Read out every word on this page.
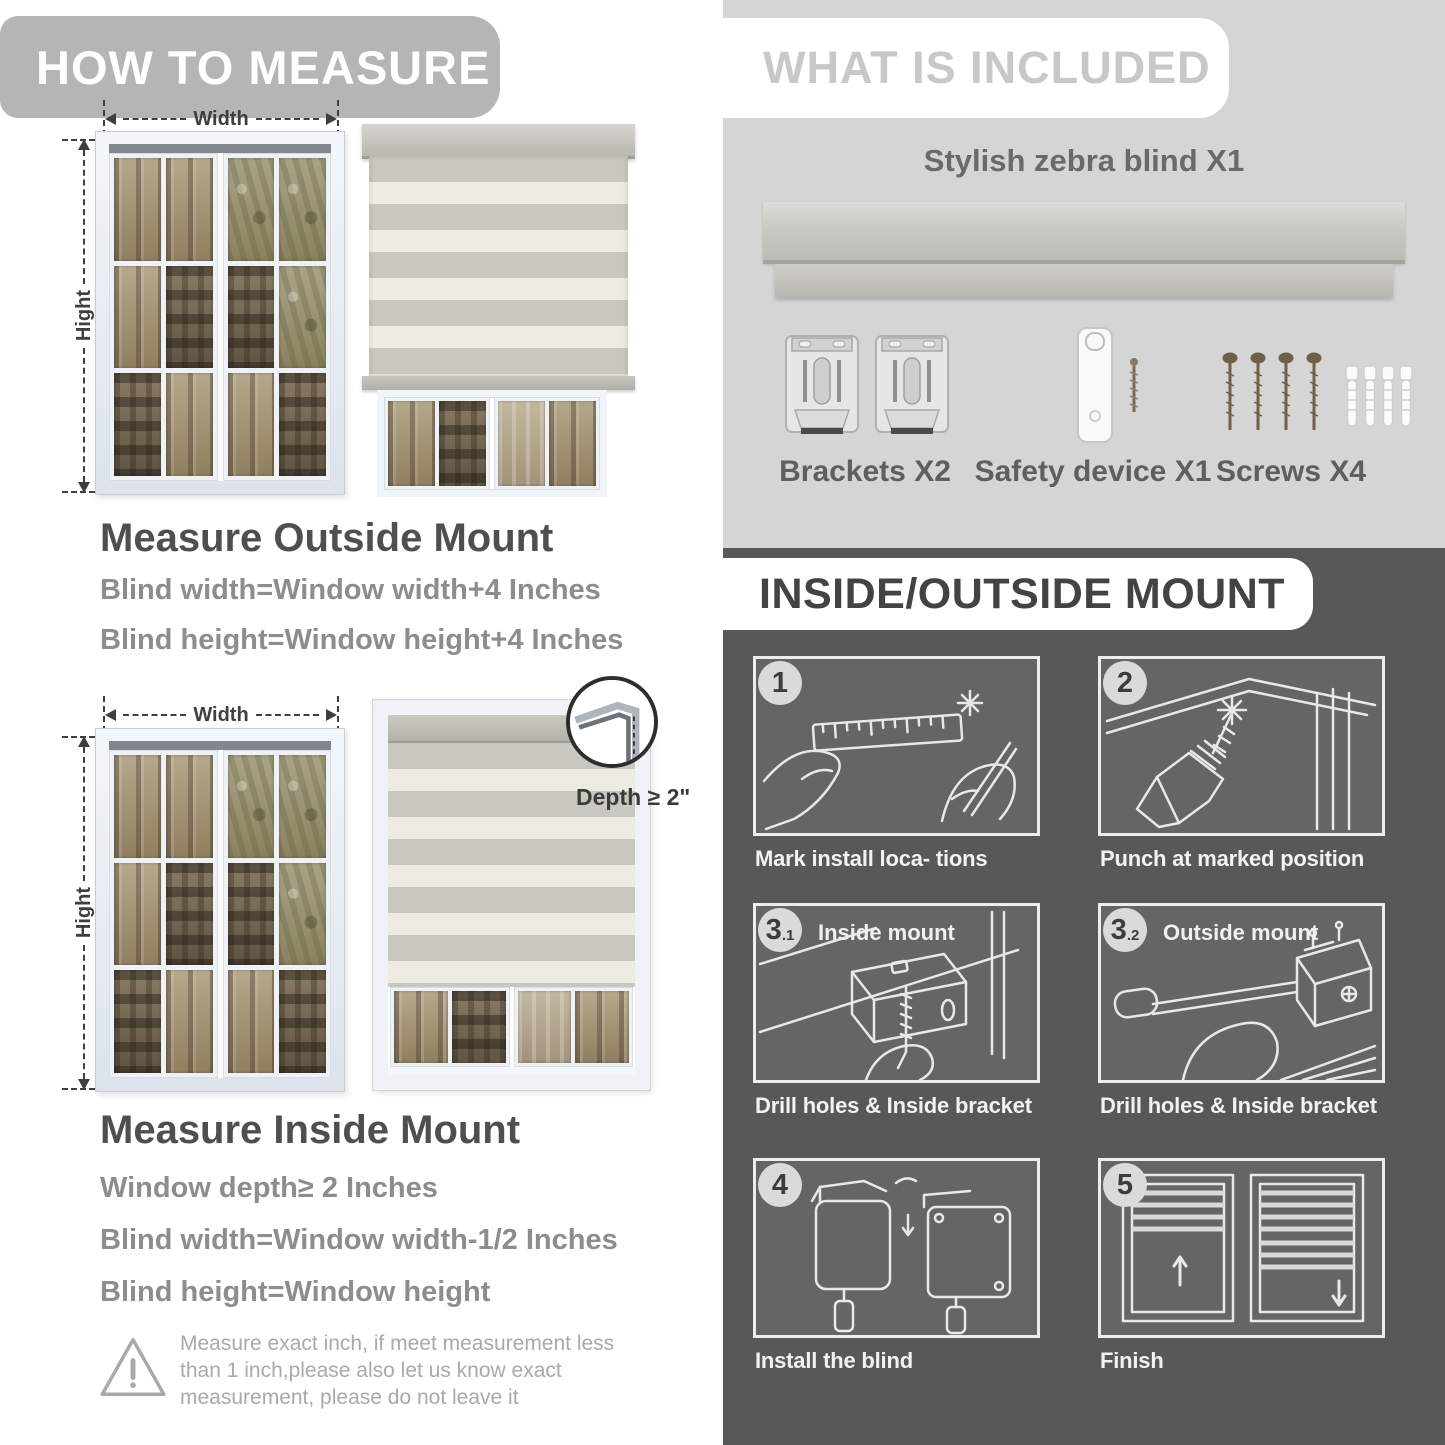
HOW TO MEASURE
Width
Hight
Measure Outside Mount
Blind width=Window width+4 Inches
Blind height=Window height+4 Inches
Width
Hight
Depth ≥ 2"
Measure Inside Mount
Window depth≥ 2 Inches
Blind width=Window width-1/2 Inches
Blind height=Window height
Measure exact inch, if meet measurement less than 1 inch,please also let us know exact measurement, please do not leave it
WHAT IS INCLUDED
Stylish zebra blind X1
Brackets X2 Safety device X1 Screws X4
INSIDE/OUTSIDE MOUNT
1
Mark install loca- tions
2
Punch at marked position
3 .1 Inside mount
Drill holes & Inside bracket
3 .2 Outside mount
Drill holes & Inside bracket
4
Install the blind
5
Finish
